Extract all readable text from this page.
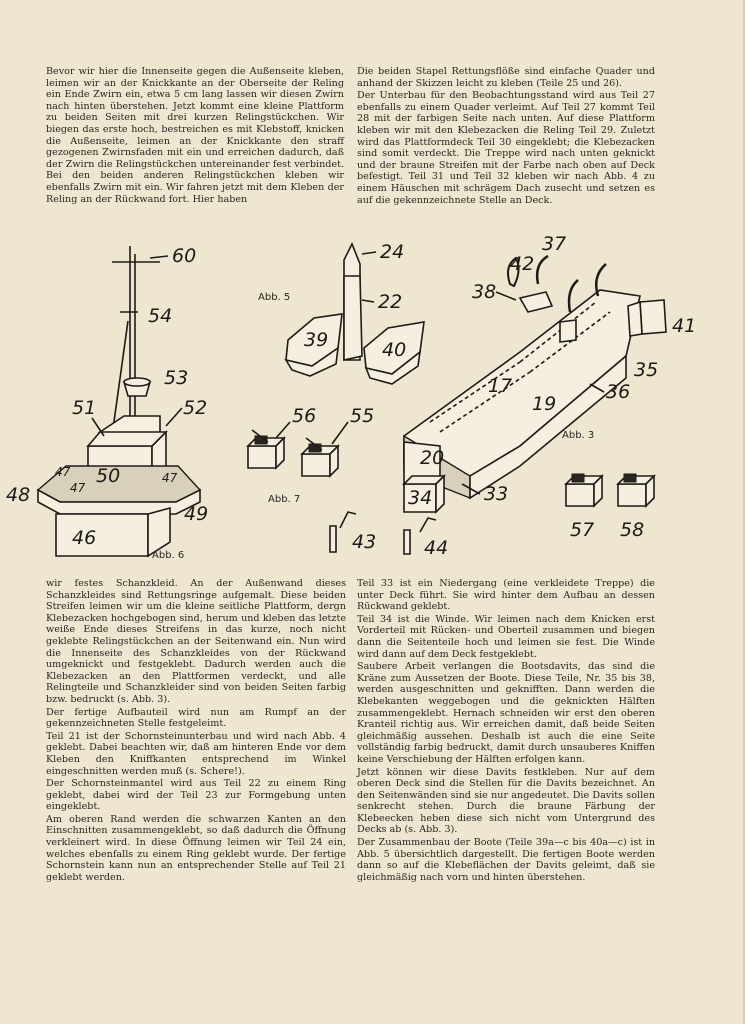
Bevor wir hier die Innenseite gegen die Außenseite kleben, leimen wir an der Knickkante an der Oberseite der Reling ein Ende Zwirn ein, etwa 5 cm lang lassen wir diesen Zwirn nach hinten überstehen. Jetzt kommt eine kleine Plattform zu beiden Seiten mit drei kurzen Relingstückchen. Wir biegen das erste hoch, bestreichen es mit Klebstoff, knicken die Außenseite, leimen an der Knickkante den straff gezogenen Zwirnsfaden mit ein und erreichen dadurch, daß der Zwirn die Relingstückchen untereinander fest verbindet. Bei den beiden anderen Relingstückchen kleben wir ebenfalls Zwirn mit ein. Wir fahren jetzt mit dem Kleben der Reling an der Rückwand fort. Hier haben

Die beiden Stapel Rettungsflöße sind einfache Quader und anhand der Skizzen leicht zu kleben (Teile 25 und 26).

Der Unterbau für den Beobachtungsstand wird aus Teil 27 ebenfalls zu einem Quader verleimt. Auf Teil 27 kommt Teil 28 mit der farbigen Seite nach unten. Auf diese Plattform kleben wir mit den Klebezacken die Reling Teil 29. Zuletzt wird das Plattformdeck Teil 30 eingeklebt; die Klebezacken sind somit verdeckt. Die Treppe wird nach unten geknickt und der braune Streifen mit der Farbe nach oben auf Deck befestigt. Teil 31 und Teil 32 kleben wir nach Abb. 4 zu einem Häuschen mit schrägem Dach zusecht und setzen es auf die gekennzeichnete Stelle an Deck.

60
54
53
51	52
50
47
47
47
48
46
49
Abb. 6
Abb. 5
24
22
39	40
56 55
Abb. 7
42
37
38
41
35
17
19
36
20
34	33
Abb. 3
43	44
57 58

wir festes Schanzkleid. An der Außenwand dieses Schanzkleides sind Rettungsringe aufgemalt. Diese beiden Streifen leimen wir um die kleine seitliche Plattform, dergn Klebezacken hochgebogen sind, herum und kleben das letzte weiße Ende dieses Streifens in das kurze, noch nicht geklebte Relingstückchen an der Seitenwand ein. Nun wird die Innenseite des Schanzkleides von der Rückwand umgeknickt und festgeklebt. Dadurch werden auch die Klebezacken an den Plattformen verdeckt, und alle Relingteile und Schanzkleider sind von beiden Seiten farbig bzw. bedruckt (s. Abb. 3).

Der fertige Aufbauteil wird nun am Rumpf an der gekennzeichneten Stelle festgeleimt.

Teil 21 ist der Schornsteinunterbau und wird nach Abb. 4 geklebt. Dabei beachten wir, daß am hinteren Ende vor dem Kleben den Kniffkanten entsprechend im Winkel eingeschnitten werden muß (s. Schere!).

Der Schornsteinmantel wird aus Teil 22 zu einem Ring geklebt, dabei wird der Teil 23 zur Formgebung unten eingeklebt.

Am oberen Rand werden die schwarzen Kanten an den Einschnitten zusammengeklebt, so daß dadurch die Öffnung verkleinert wird. In diese Öffnung leimen wir Teil 24 ein, welches ebenfalls zu einem Ring geklebt wurde. Der fertige Schornstein kann nun an entsprechender Stelle auf Teil 21 geklebt werden.

Teil 33 ist ein Niedergang (eine verkleidete Treppe) die unter Deck führt. Sie wird hinter dem Aufbau an dessen Rückwand geklebt.

Teil 34 ist die Winde. Wir leimen nach dem Knicken erst Vorderteil mit Rücken- und Oberteil zusammen und biegen dann die Seitenteile hoch und leimen sie fest. Die Winde wird dann auf dem Deck festgeklebt.

Saubere Arbeit verlangen die Bootsdavits, das sind die Kräne zum Aussetzen der Boote. Diese Teile, Nr. 35 bis 38, werden ausgeschnitten und geknifften. Dann werden die Klebekanten weggebogen und die geknickten Hälften zusammengeklebt. Hernach schneiden wir erst den oberen Kranteil richtig aus. Wir erreichen damit, daß beide Seiten gleichmäßig aussehen. Deshalb ist auch die eine Seite vollständig farbig bedruckt, damit durch unsauberes Kniffen keine Verschiebung der Hälften erfolgen kann.

Jetzt können wir diese Davits festkleben. Nur auf dem oberen Deck sind die Stellen für die Davits bezeichnet. An den Seitenwänden sind sie nur angedeutet. Die Davits sollen senkrecht stehen. Durch die braune Färbung der Klebeecken heben diese sich nicht vom Untergrund des Decks ab (s. Abb. 3).

Der Zusammenbau der Boote (Teile 39a—c bis 40a—c) ist in Abb. 5 übersichtlich dargestellt. Die fertigen Boote werden dann so auf die Klebeflächen der Davits geleimt, daß sie gleichmäßig nach vorn und hinten überstehen.
